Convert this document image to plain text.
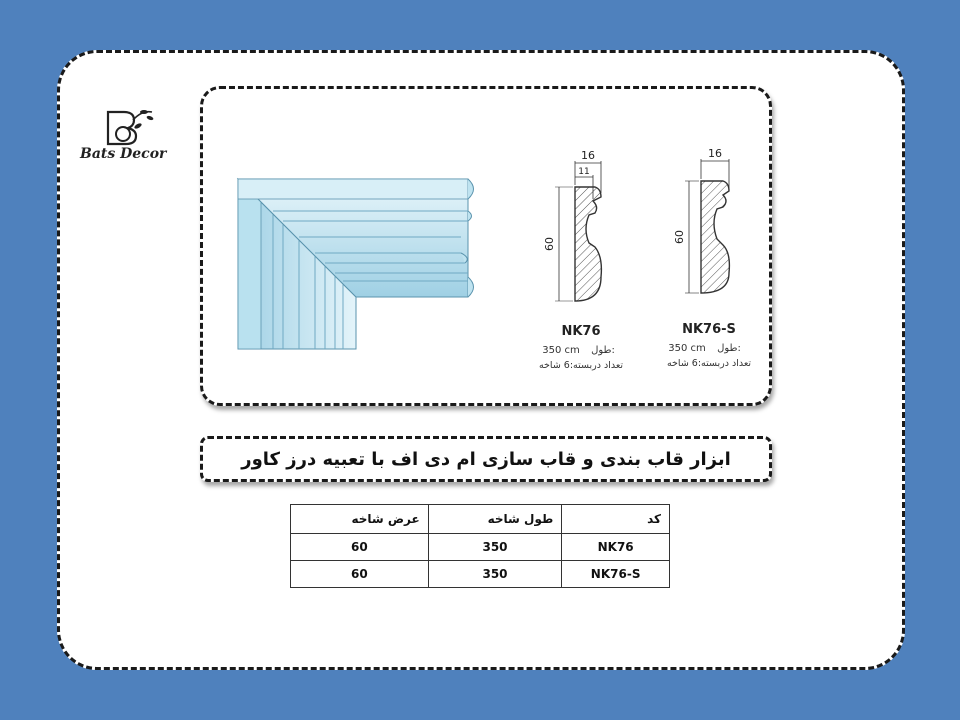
Bats Decor	16
11
60
NK76
350 cm طول:
تعداد دربسته:6 شاخه
16
60
NK76-S
350 cm طول:
تعداد دربسته:6 شاخه
ابزار قاب بندی و قاب سازی ام دی اف با تعبیه درز کاور
کد	طول شاخه	عرض شاخه
NK76	350	60
NK76-S	350	60
